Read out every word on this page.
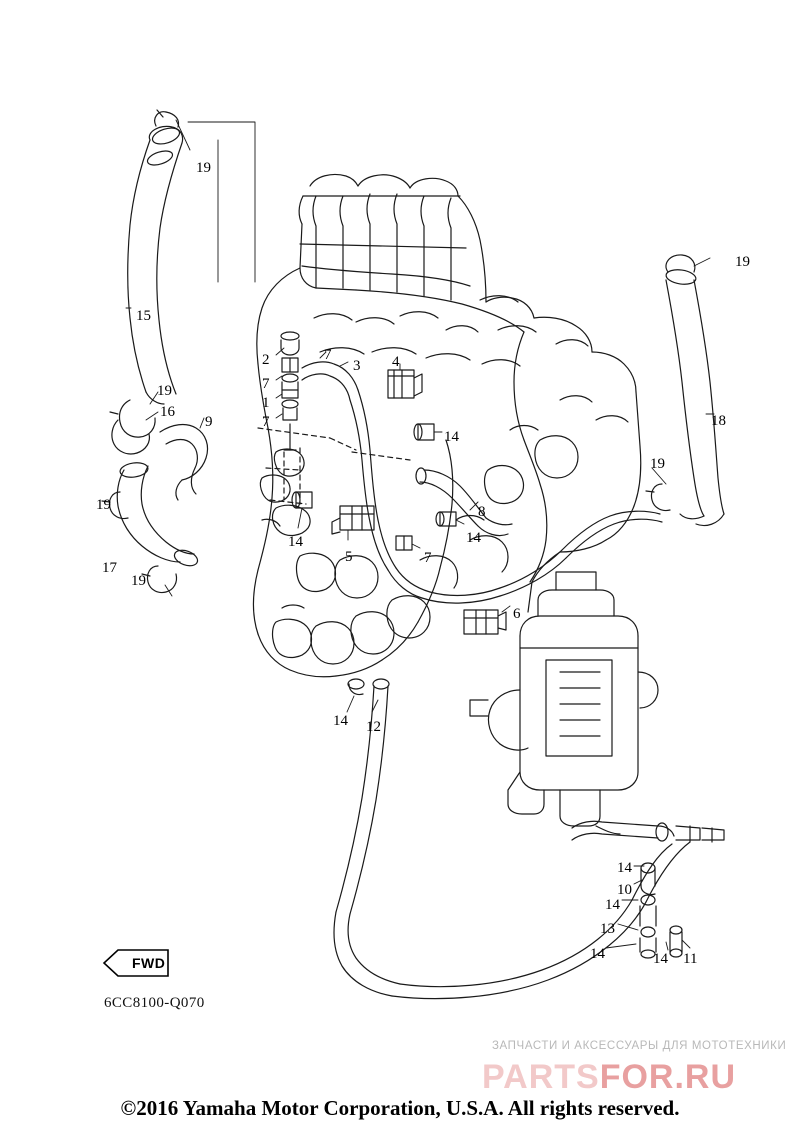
FWD
6CC8100-Q070
19
15
19
16
9
19
17
19
2
7
1
7
7
3 4
14
14
5	7
14
8
19
19
18
6
14 12
14
10
14
13
14	14 11
ЗАПЧАСТИ И АКСЕССУАРЫ ДЛЯ МОТОТЕХНИКИ
PARTSFOR.RU
©2016 Yamaha Motor Corporation, U.S.A. All rights reserved.
